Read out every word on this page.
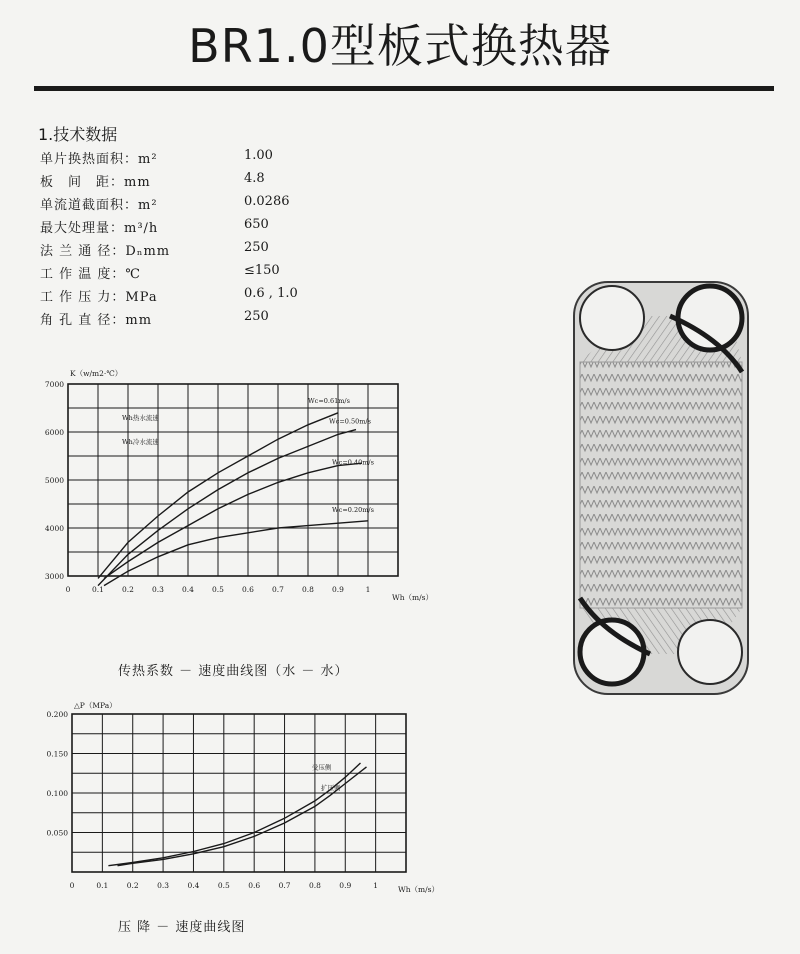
BR1.0型板式换热器
1.技术数据
单片换热面积：m²	1.00
板　间　距：mm	4.8
单流道截面积：m²	0.0286
最大处理量：m³/h	650
法 兰 通 径：Dₙmm	250
工 作 温 度：℃	≤150
工 作 压 力：MPa	0.6 , 1.0
角 孔 直 径：mm	250
0	0.1 0.2 0.3 0.4 0.5 0.6 0.7 0.8 0.9	1
3000
4000
5000
6000
7000
K（w/m2·℃）
Wh（m/s）
Wc=0.61m/s
Wc=0.50m/s
Wc=0.40m/s
Wc=0.20m/s
Wh热水流速
Wh冷水流速
传热系数 － 速度曲线图（水 － 水）
0	0.1 0.2 0.3 0.4 0.5 0.6 0.7 0.8 0.9	1
0.050
0.100
0.150
0.200
△P（MPa）
Wh（m/s）
受压侧
扩压侧
压 降 － 速度曲线图
